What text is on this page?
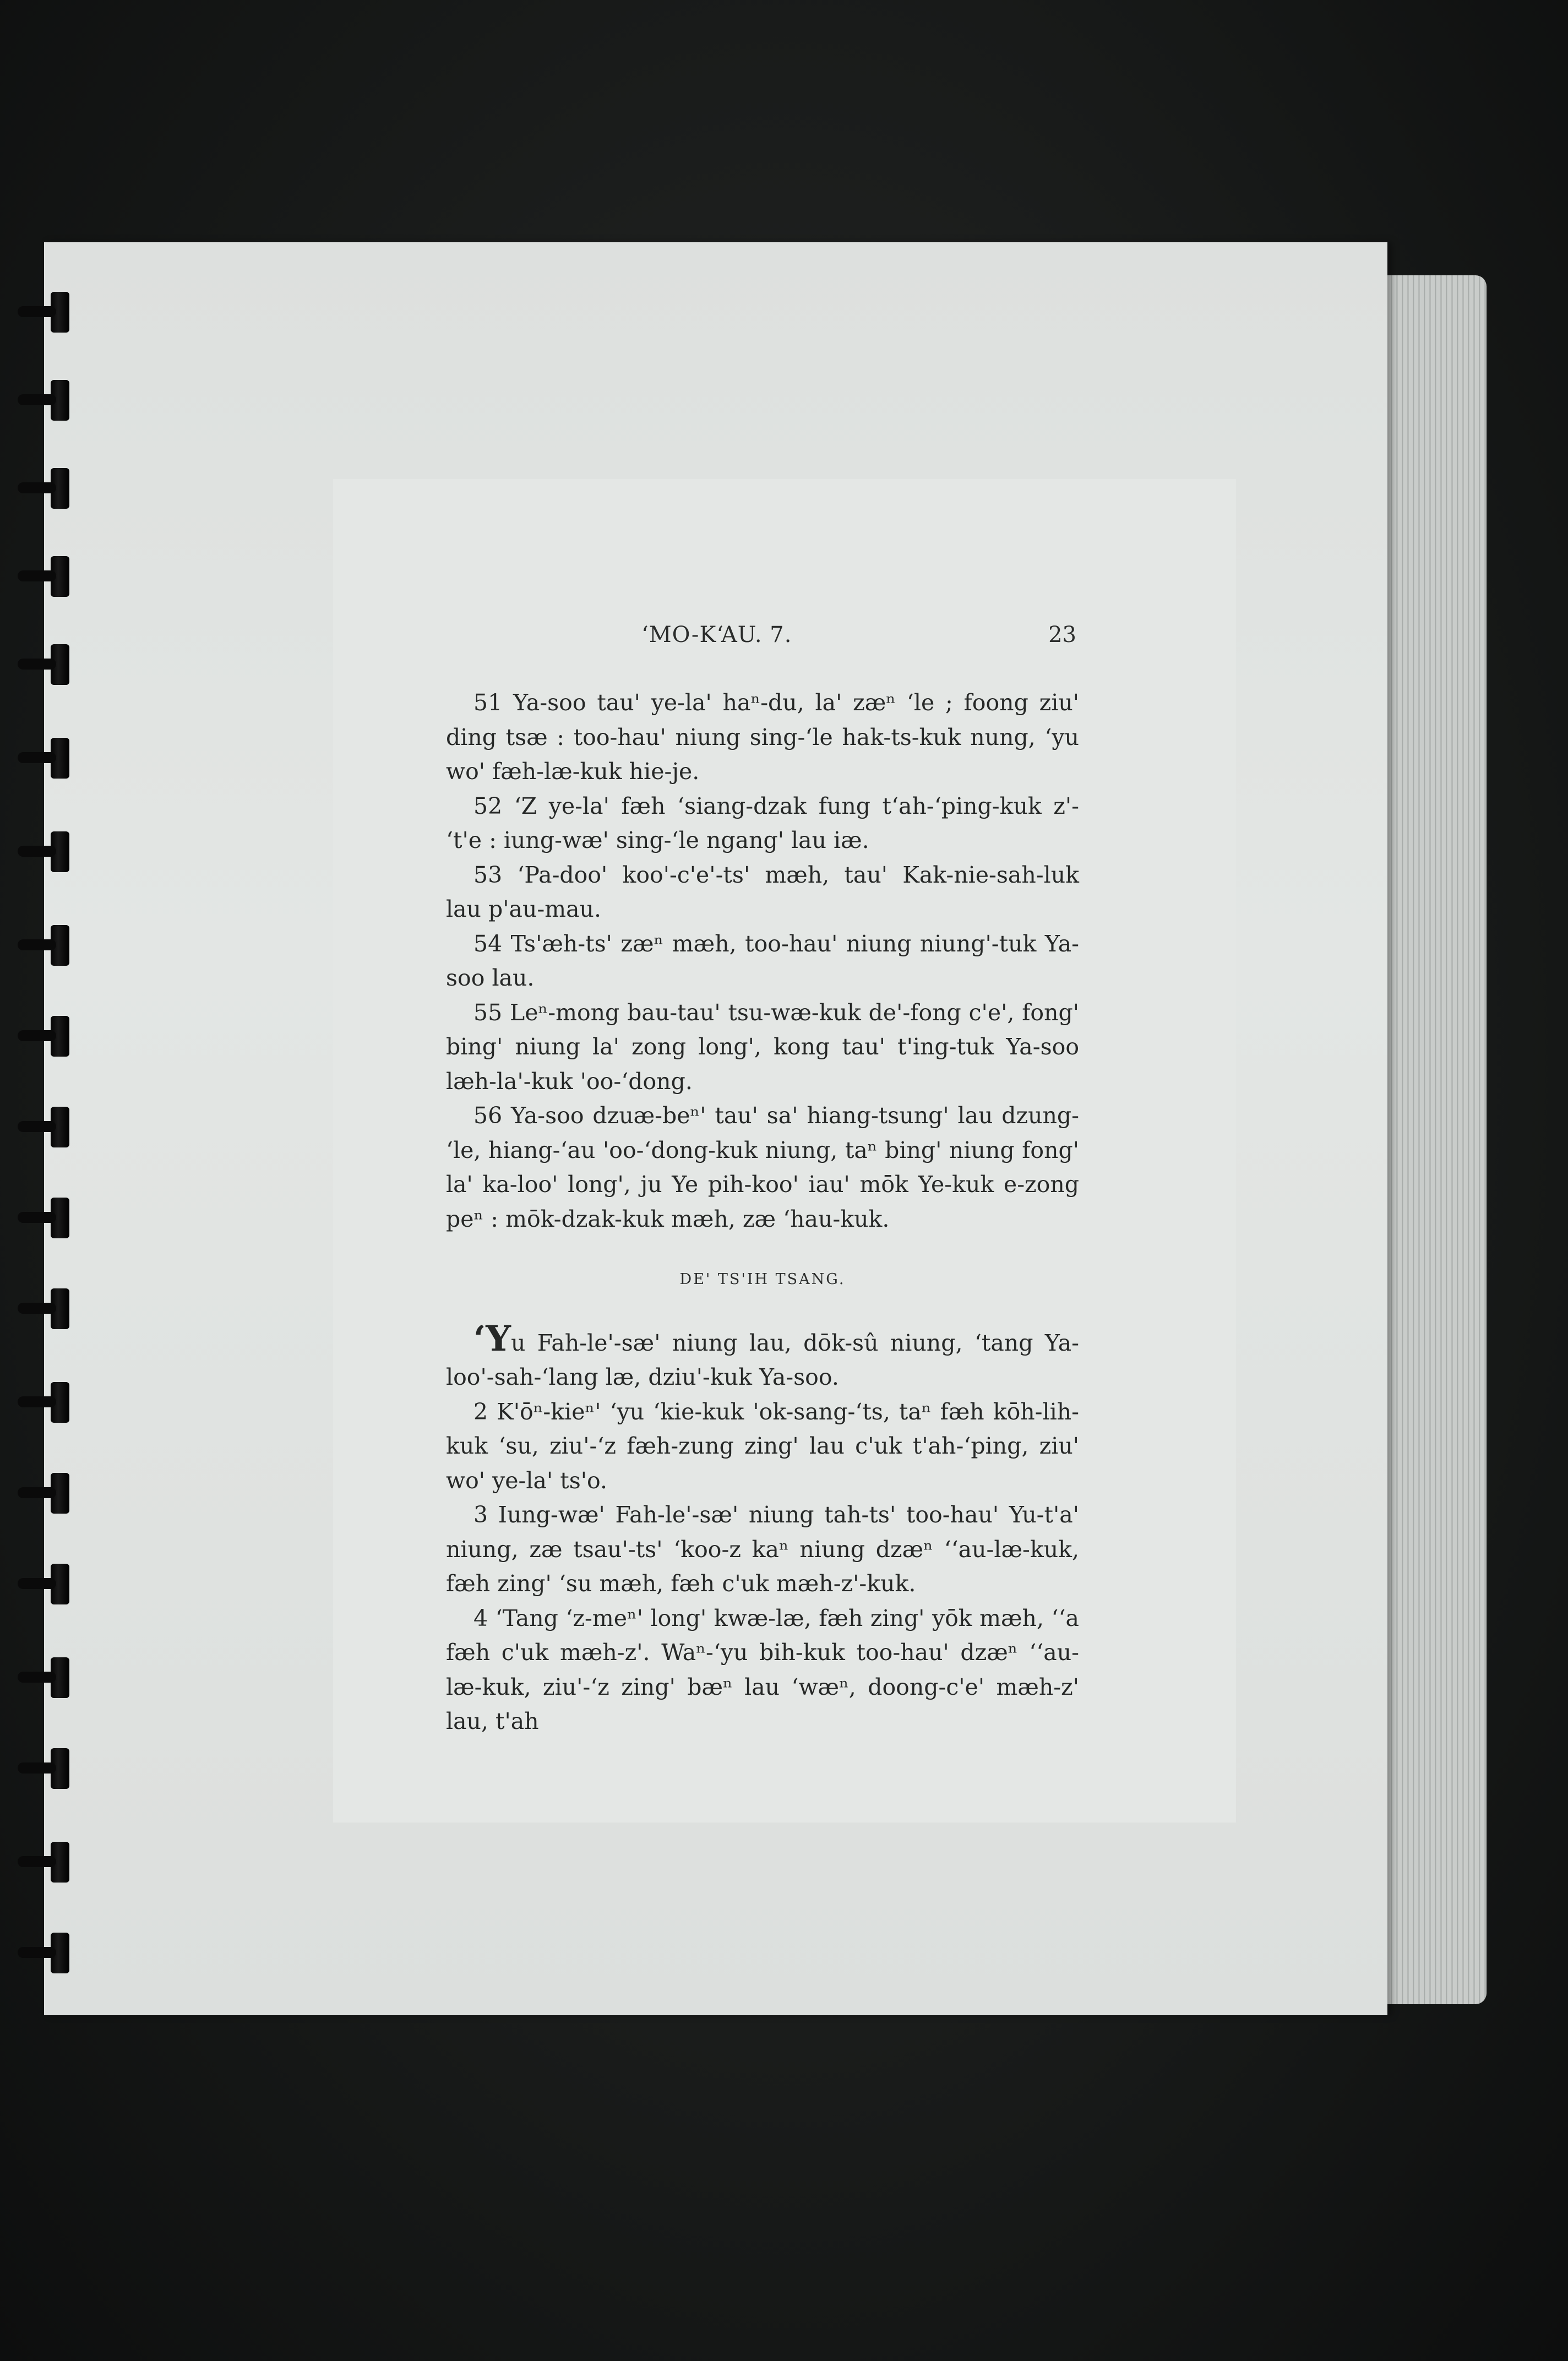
ʻMO-KʻAU. 7.	23

51 Ya-soo tau' ye-la' haⁿ-du, la' zæⁿ ʻle ; foong ziu' ding tsæ : too-hau' niung sing-ʻle hak-ts-kuk nung, ʻyu wo' fæh-læ-kuk hie-je.

52 ʻZ ye-la' fæh ʻsiang-dzak fung tʻah-ʻping-kuk z'-ʻt'e : iung-wæ' sing-ʻle ngang' lau iæ.

53 ʻPa-doo' koo'-c'e'-ts' mæh, tau' Kak-nie-sah-luk lau p'au-mau.

54 Ts'æh-ts' zæⁿ mæh, too-hau' niung niung'-tuk Ya-soo lau.

55 Leⁿ-mong bau-tau' tsu-wæ-kuk de'-fong c'e', fong' bing' niung la' zong long', kong tau' t'ing-tuk Ya-soo læh-la'-kuk 'oo-ʻdong.

56 Ya-soo dzuæ-beⁿ' tau' sa' hiang-tsung' lau dzung-ʻle, hiang-ʻau 'oo-ʻdong-kuk niung, taⁿ bing' niung fong' la' ka-loo' long', ju Ye pih-koo' iau' mōk Ye-kuk e-zong peⁿ : mōk-dzak-kuk mæh, zæ ʻhau-kuk.

DE' TS'IH TSANG.

ʻYu Fah-le'-sæ' niung lau, dōk-sû niung, ʻtang Ya-loo'-sah-ʻlang læ, dziu'-kuk Ya-soo.

2 K'ōⁿ-kieⁿ' ʻyu ʻkie-kuk 'ok-sang-ʻts, taⁿ fæh kōh-lih-kuk ʻsu, ziu'-ʻz fæh-zung zing' lau c'uk t'ah-ʻping, ziu' wo' ye-la' ts'o.

3 Iung-wæ' Fah-le'-sæ' niung tah-ts' too-hau' Yu-t'a' niung, zæ tsau'-ts' ʻkoo-z kaⁿ niung dzæⁿ ʻʻau-læ-kuk, fæh zing' ʻsu mæh, fæh c'uk mæh-z'-kuk.

4 ʻTang ʻz-meⁿ' long' kwæ-læ, fæh zing' yōk mæh, ʻʻa fæh c'uk mæh-z'. Waⁿ-ʻyu bih-kuk too-hau' dzæⁿ ʻʻau-læ-kuk, ziu'-ʻz zing' bæⁿ lau ʻwæⁿ, doong-c'e' mæh-z' lau, t'ah
